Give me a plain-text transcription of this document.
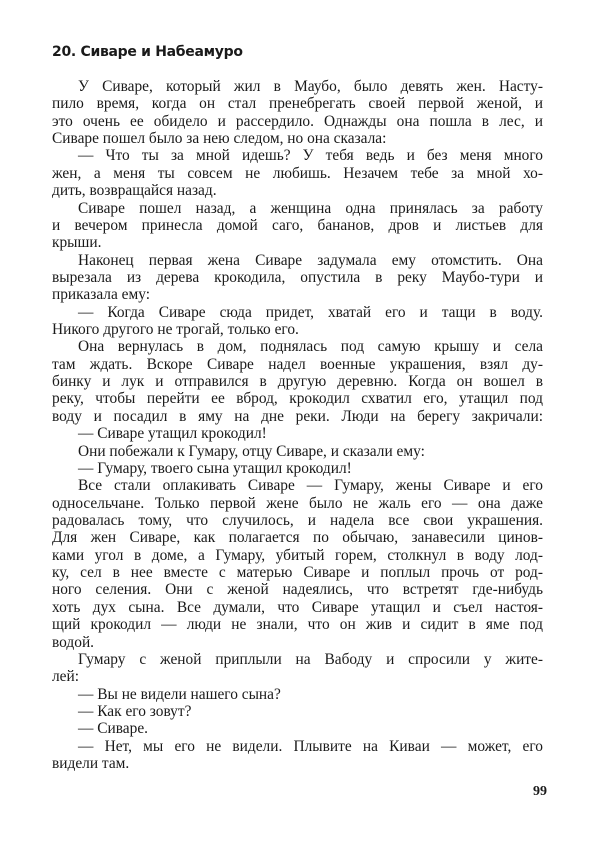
20. Сиваре и Набеамуро
У Сиваре, который жил в Маубо, было девять жен. Насту-
пило время, когда он стал пренебрегать своей первой женой, и
это очень ее обидело и рассердило. Однажды она пошла в лес, и
Сиваре пошел было за нею следом, но она сказала:
— Что ты за мной идешь? У тебя ведь и без меня много
жен, а меня ты совсем не любишь. Незачем тебе за мной хо-
дить, возвращайся назад.
Сиваре пошел назад, а женщина одна принялась за работу
и вечером принесла домой саго, бананов, дров и листьев для
крыши.
Наконец первая жена Сиваре задумала ему отомстить. Она
вырезала из дерева крокодила, опустила в реку Маубо-тури и
приказала ему:
— Когда Сиваре сюда придет, хватай его и тащи в воду.
Никого другого не трогай, только его.
Она вернулась в дом, поднялась под самую крышу и села
там ждать. Вскоре Сиваре надел военные украшения, взял ду-
бинку и лук и отправился в другую деревню. Когда он вошел в
реку, чтобы перейти ее вброд, крокодил схватил его, утащил под
воду и посадил в яму на дне реки. Люди на берегу закричали:
— Сиваре утащил крокодил!
Они побежали к Гумару, отцу Сиваре, и сказали ему:
— Гумару, твоего сына утащил крокодил!
Все стали оплакивать Сиваре — Гумару, жены Сиваре и его
односельчане. Только первой жене было не жаль его — она даже
радовалась тому, что случилось, и надела все свои украшения.
Для жен Сиваре, как полагается по обычаю, занавесили цинов-
ками угол в доме, а Гумару, убитый горем, столкнул в воду лод-
ку, сел в нее вместе с матерью Сиваре и поплыл прочь от род-
ного селения. Они с женой надеялись, что встретят где-нибудь
хоть дух сына. Все думали, что Сиваре утащил и съел настоя-
щий крокодил — люди не знали, что он жив и сидит в яме под
водой.
Гумару с женой приплыли на Вабоду и спросили у жите-
лей:
— Вы не видели нашего сына?
— Как его зовут?
— Сиваре.
— Нет, мы его не видели. Плывите на Киваи — может, его
видели там.
99
